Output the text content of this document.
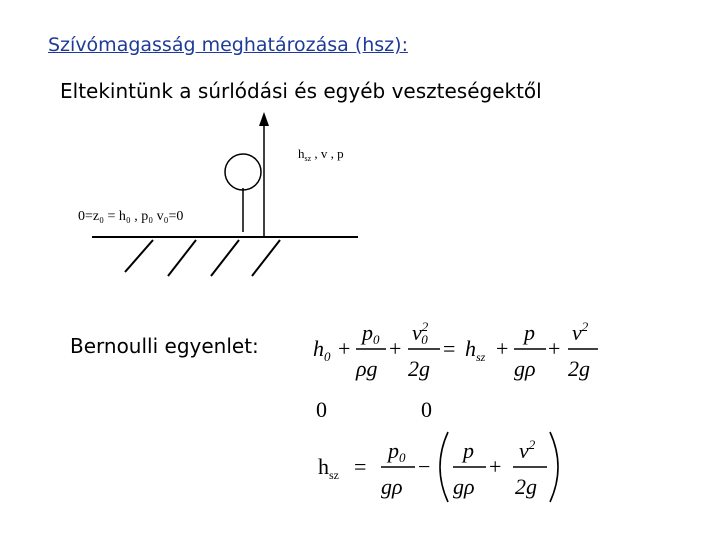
Szívómagasság meghatározása (hsz):
Eltekintünk a súrlódási és egyéb veszteségektől
Bernoulli egyenlet:
$h_{sz}$ , v , p
0=z₀ = h₀ , p₀ v₀=0
$h_0$ +
p0
ρg
+
$v^2$ 0
2g
= $h_{sz}$ +
p
gρ
+
$v^2$
2g
0	0
$h_{sz}$ =
p0
gρ
−
p
gρ
+
$v^2$
2g
